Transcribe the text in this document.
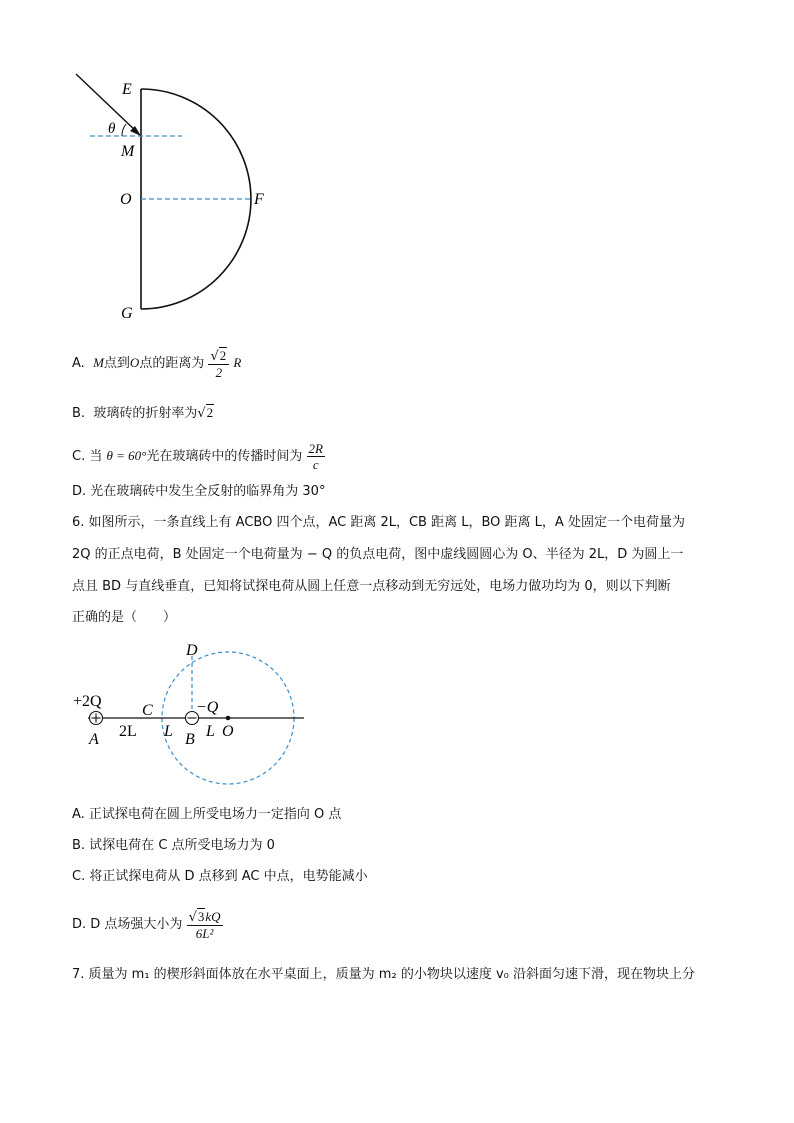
E
θ
M
O	F
G
A. M点到O点的距离为 $\frac{√2}{2}$ R
B. 玻璃砖的折射率为√2
C. 当 θ = 60°光在玻璃砖中的传播时间为 $\frac{2R}{c}$
D. 光在玻璃砖中发生全反射的临界角为 30°
6. 如图所示，一条直线上有 ACBO 四个点，AC 距离 2L，CB 距离 L，BO 距离 L，A 处固定一个电荷量为
2Q 的正点电荷，B 处固定一个电荷量为 − Q 的负点电荷，图中虚线圆圆心为 O、半径为 2L，D 为圆上一
点且 BD 与直线垂直，已知将试探电荷从圆上任意一点移动到无穷远处，电场力做功均为 0，则以下判断
正确的是（　　）
+2Q
C
D
−Q
A 2L L B L O
A. 正试探电荷在圆上所受电场力一定指向 O 点
B. 试探电荷在 C 点所受电场力为 0
C. 将正试探电荷从 D 点移到 AC 中点，电势能减小
D. D 点场强大小为 $\frac{√3kQ}{\text{6L²}}$
7. 质量为 m₁ 的楔形斜面体放在水平桌面上，质量为 m₂ 的小物块以速度 v₀ 沿斜面匀速下滑，现在物块上分
